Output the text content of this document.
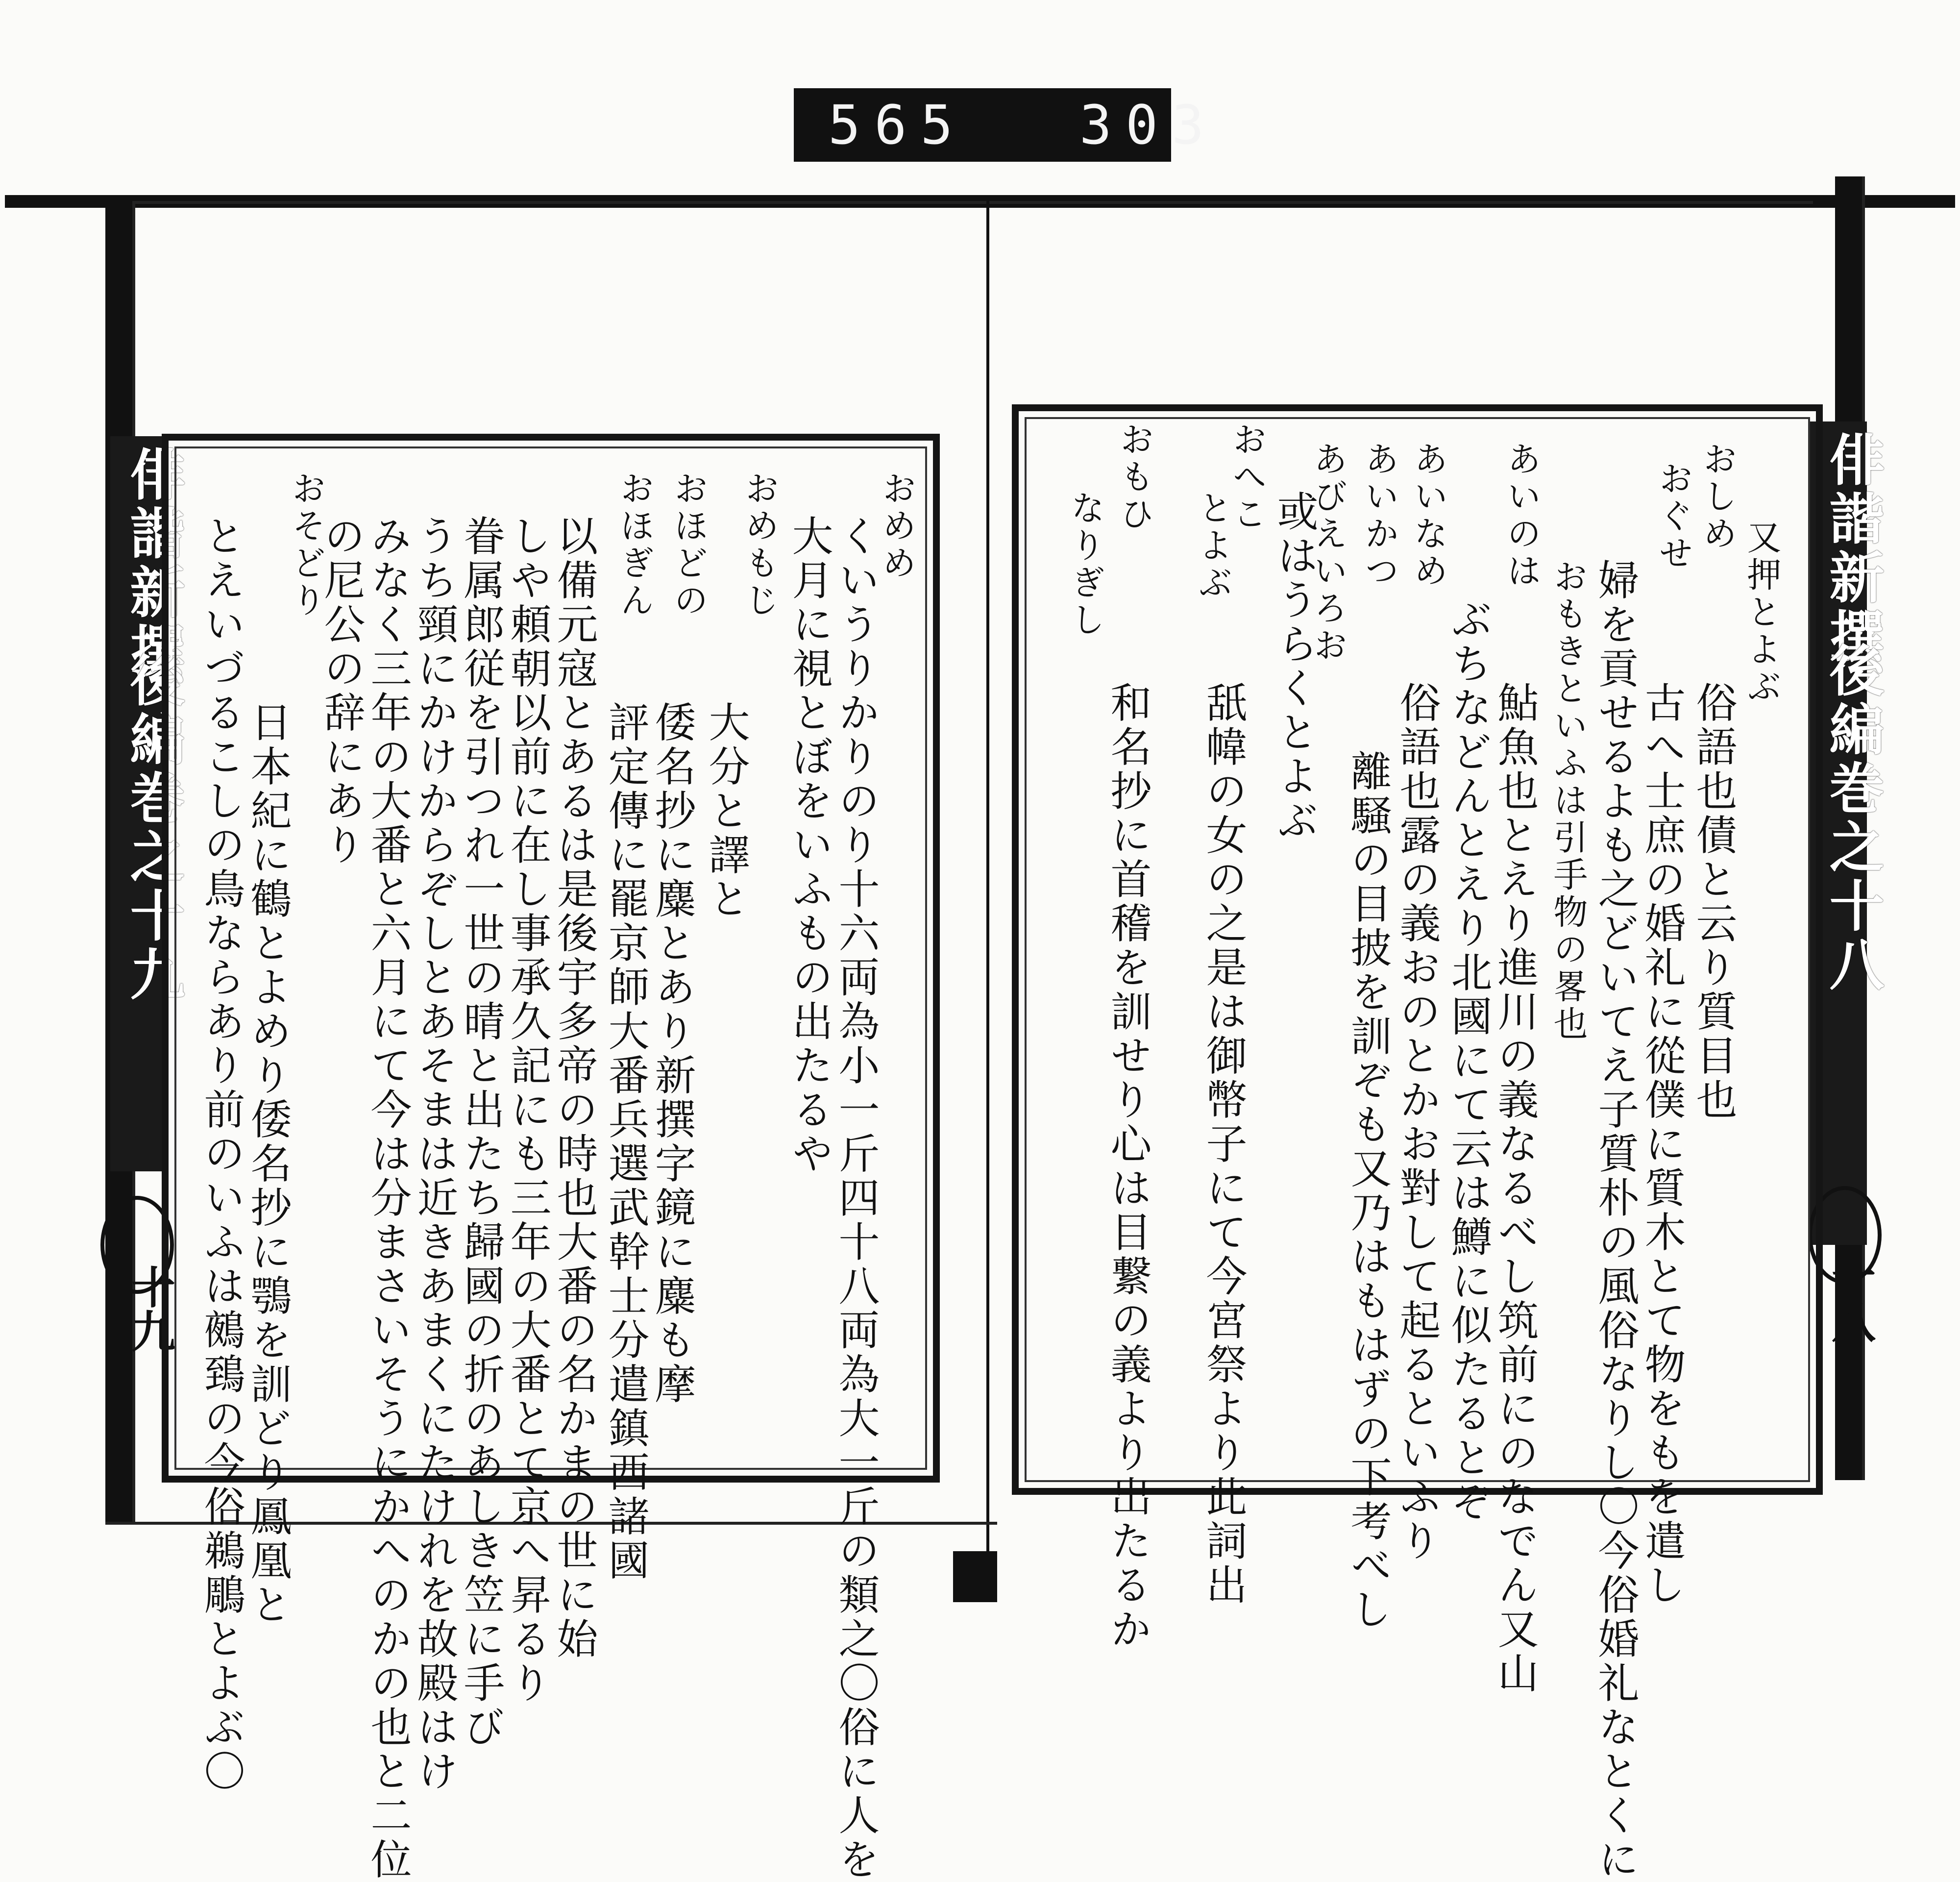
565 303
俳諧新撰
後編巻之十九
十九
おめめ
くいうりかりのり十六両為小一斤四十八両為大一斤の類之〇俗に人を
大月に視とぼをいふもの出たるや
おめもじ
大分と譯と
おほどの
倭名抄に麋とあり新撰字鏡に麋も摩
おほぎん
評定傳に罷京師大番兵選武幹士分遣鎮西諸國
以備元寇とあるは是後宇多帝の時也大番の名かまの世に始
しや頼朝以前に在し事承久記にも三年の大番とて京へ昇るり
眷属郎従を引つれ一世の晴と出たち歸國の折のあしき笠に手び
うち頸にかけからぞしとあそまは近きあまくにたけれを故殿はけ
みなく三年の大番と六月にて今は分まさいそうにかへのかの也と二位
の尼公の辞にあり
おそどり
日本紀に鶴とよめり倭名抄に鶚を訓どり鳳凰と
とえいづるこしの鳥ならあり前のいふは鵺鵄の今俗鵜鵰とよぶ〇	俳諧新撰
後編巻之十八
十八
又押とよぶ
おしめ
俗語也債と云り質目也
おぐせ
古へ士庶の婚礼に從僕に質木とて物をもを遣し
婦を貢せるよも之どいてえ子質朴の風俗なりし〇今俗婚礼なとくに
おもきといふは引手物の畧也
あいのは
鮎魚也とえり進川の義なるべし筑前にのなでん又山
ぶちなどんとえり北國にて云は鱒に似たるとぞ
あいなめ
俗語也露の義おのとかお對して起るといふり
あいかつ
離騒の目披を訓ぞも又乃はもはずの下考べし
あびえいろお
或はうらくとよぶ
おへこ
とよぶ
舐幃の女の之是は御幣子にて今宮祭より此詞出
おもひ
和名抄に首稽を訓せり心は目繋の義より出たるか
なりぎし
